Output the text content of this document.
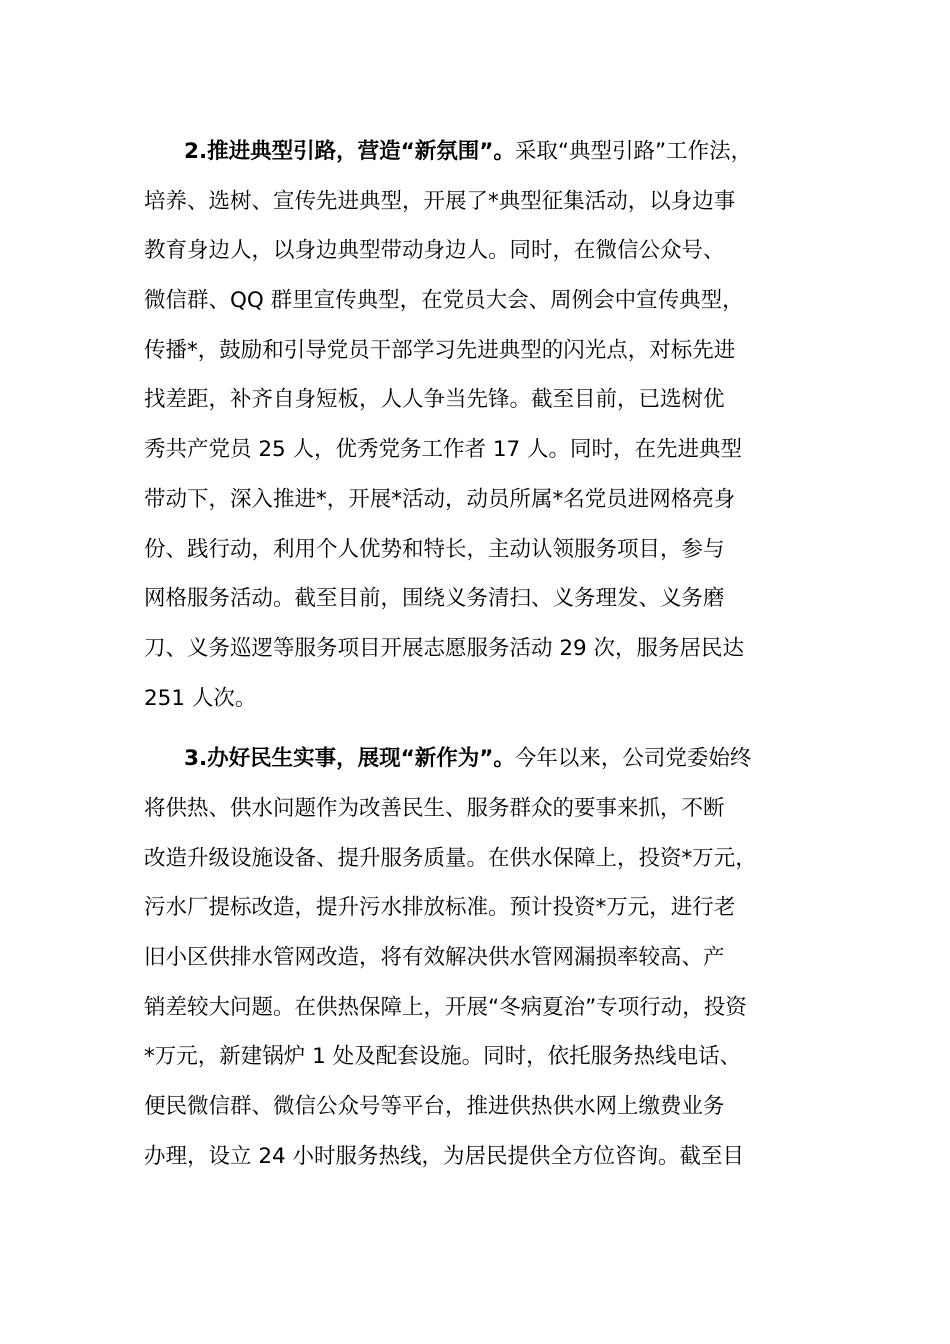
2.推进典型引路，营造“新氛围”。采取“典型引路”工作法，
培养、选树、宣传先进典型，开展了*典型征集活动，以身边事
教育身边人，以身边典型带动身边人。同时，在微信公众号、
微信群、QQ 群里宣传典型，在党员大会、周例会中宣传典型，
传播*，鼓励和引导党员干部学习先进典型的闪光点，对标先进
找差距，补齐自身短板，人人争当先锋。截至目前，已选树优
秀共产党员 25 人，优秀党务工作者 17 人。同时，在先进典型
带动下，深入推进*，开展*活动，动员所属*名党员进网格亮身
份、践行动，利用个人优势和特长，主动认领服务项目，参与
网格服务活动。截至目前，围绕义务清扫、义务理发、义务磨
刀、义务巡逻等服务项目开展志愿服务活动 29 次，服务居民达
251 人次。

3.办好民生实事，展现“新作为”。今年以来，公司党委始终
将供热、供水问题作为改善民生、服务群众的要事来抓，不断
改造升级设施设备、提升服务质量。在供水保障上，投资*万元，
污水厂提标改造，提升污水排放标准。预计投资*万元，进行老
旧小区供排水管网改造，将有效解决供水管网漏损率较高、产
销差较大问题。在供热保障上，开展“冬病夏治”专项行动，投资
*万元，新建锅炉 1 处及配套设施。同时，依托服务热线电话、
便民微信群、微信公众号等平台，推进供热供水网上缴费业务
办理，设立 24 小时服务热线，为居民提供全方位咨询。截至目
